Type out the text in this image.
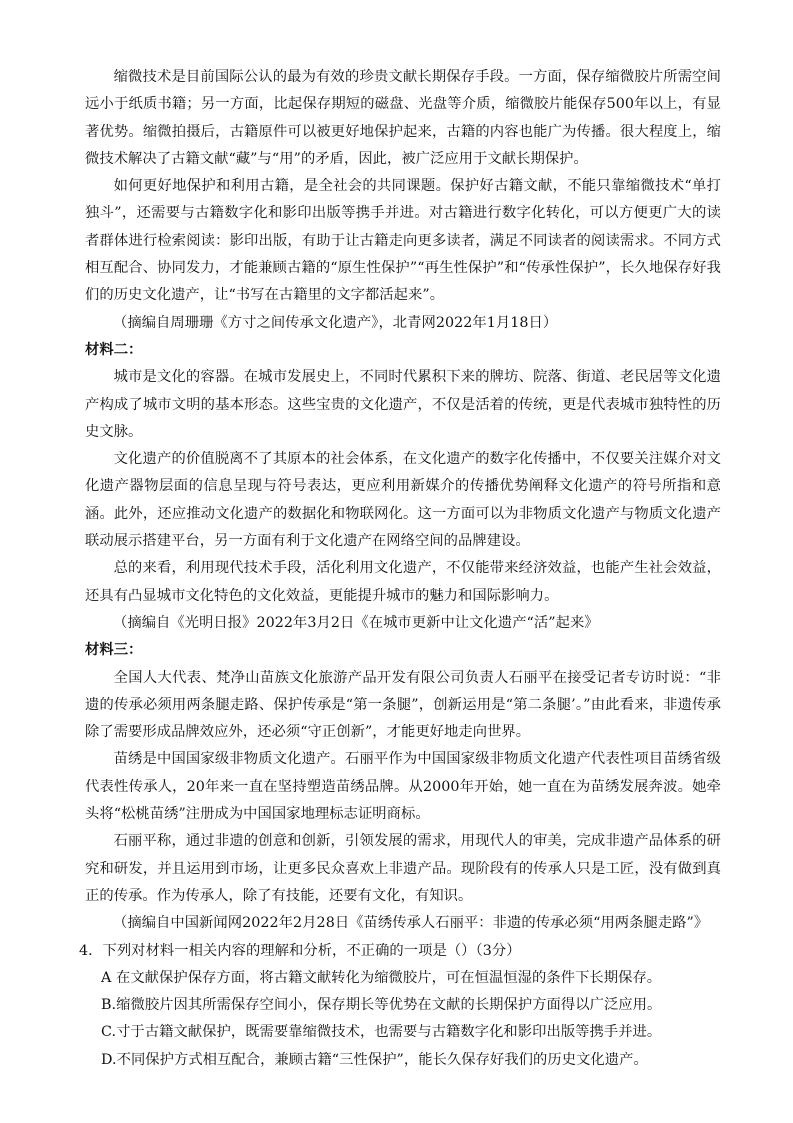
缩微技术是目前国际公认的最为有效的珍贵文献长期保存手段。一方面，保存缩微胶片所需空间远小于纸质书籍；另一方面，比起保存期短的磁盘、光盘等介质，缩微胶片能保存500年以上，有显著优势。缩微拍摄后，古籍原件可以被更好地保护起来，古籍的内容也能广为传播。很大程度上，缩微技术解决了古籍文献“藏”与“用”的矛盾，因此，被广泛应用于文献长期保护。

如何更好地保护和利用古籍，是全社会的共同课题。保护好古籍文献，不能只靠缩微技术“单打独斗”，还需要与古籍数字化和影印出版等携手并进。对古籍进行数字化转化，可以方便更广大的读者群体进行检索阅读：影印出版，有助于让古籍走向更多读者，满足不同读者的阅读需求。不同方式相互配合、协同发力，才能兼顾古籍的“原生性保护”“再生性保护”和“传承性保护”，长久地保存好我们的历史文化遗产，让“书写在古籍里的文字都活起来”。

（摘编自周珊珊《方寸之间传承文化遗产》，北青网2022年1月18日）

材料二：

城市是文化的容器。在城市发展史上，不同时代累积下来的牌坊、院落、街道、老民居等文化遗产构成了城市文明的基本形态。这些宝贵的文化遗产，不仅是活着的传统，更是代表城市独特性的历史文脉。

文化遗产的价值脱离不了其原本的社会体系，在文化遗产的数字化传播中，不仅要关注媒介对文化遗产器物层面的信息呈现与符号表达，更应利用新媒介的传播优势阐释文化遗产的符号所指和意涵。此外，还应推动文化遗产的数据化和物联网化。这一方面可以为非物质文化遗产与物质文化遗产联动展示搭建平台，另一方面有利于文化遗产在网络空间的品牌建设。

总的来看，利用现代技术手段，活化利用文化遗产，不仅能带来经济效益，也能产生社会效益，还具有凸显城市文化特色的文化效益，更能提升城市的魅力和国际影响力。

（摘编自《光明日报》2022年3月2日《在城市更新中让文化遗产“活”起来》

材料三：

全国人大代表、梵净山苗族文化旅游产品开发有限公司负责人石丽平在接受记者专访时说：“非遗的传承必须用两条腿走路、保护传承是“第一条腿”，创新运用是“第二条腿’。”由此看来，非遗传承除了需要形成品牌效应外，还必须“守正创新”，才能更好地走向世界。

苗绣是中国国家级非物质文化遗产。石丽平作为中国国家级非物质文化遗产代表性项目苗绣省级代表性传承人，20年来一直在坚持塑造苗绣品牌。从2000年开始，她一直在为苗绣发展奔波。她牵头将“松桃苗绣”注册成为中国国家地理标志证明商标。

石丽平称，通过非遗的创意和创新，引领发展的需求，用现代人的审美，完成非遗产品体系的研究和研发，并且运用到市场，让更多民众喜欢上非遗产品。现阶段有的传承人只是工匠，没有做到真正的传承。作为传承人，除了有技能，还要有文化，有知识。

（摘编自中国新闻网2022年2月28日《苗绣传承人石丽平：非遗的传承必须“用两条腿走路”》

4．下列对材料一相关内容的理解和分析，不正确的一项是（）（3分）

A 在文献保护保存方面，将古籍文献转化为缩微胶片，可在恒温恒湿的条件下长期保存。

B.缩微胶片因其所需保存空间小，保存期长等优势在文献的长期保护方面得以广泛应用。

C.寸于古籍文献保护，既需要靠缩微技术，也需要与古籍数字化和影印出版等携手并进。

D.不同保护方式相互配合，兼顾古籍“三性保护”，能长久保存好我们的历史文化遗产。
